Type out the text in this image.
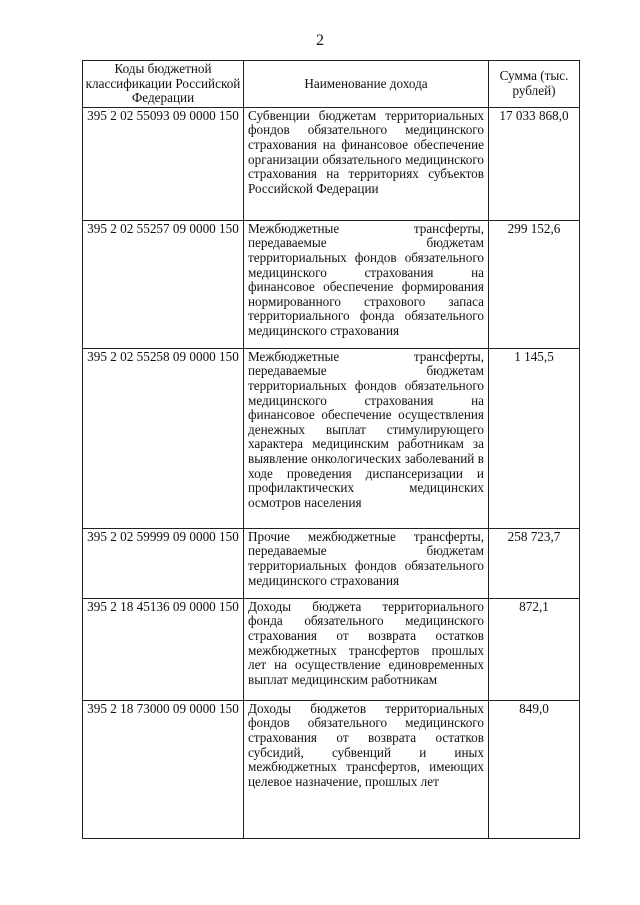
2
Коды бюджетной классификации Российской Федерации	Наименование дохода	Сумма (тыс. рублей)
395 2 02 55093 09 0000 150	Субвенции бюджетам территориальных фондов обязательного медицинского страхования на финансовое обеспечение организации обязательного медицинского страхования на территориях субъектов Российской Федерации	17 033 868,0
395 2 02 55257 09 0000 150	Межбюджетные трансферты, передаваемые бюджетам территориальных фондов обязательного медицинского страхования на финансовое обеспечение формирования нормированного страхового запаса территориального фонда обязательного медицинского страхования	299 152,6
395 2 02 55258 09 0000 150	Межбюджетные трансферты, передаваемые бюджетам территориальных фондов обязательного медицинского страхования на финансовое обеспечение осуществления денежных выплат стимулирующего характера медицинским работникам за выявление онкологических заболеваний в ходе проведения диспансеризации и профилактических медицинских осмотров населения	1 145,5
395 2 02 59999 09 0000 150	Прочие межбюджетные трансферты, передаваемые бюджетам территориальных фондов обязательного медицинского страхования	258 723,7
395 2 18 45136 09 0000 150	Доходы бюджета территориального фонда обязательного медицинского страхования от возврата остатков межбюджетных трансфертов прошлых лет на осуществление единовременных выплат медицинским работникам	872,1
395 2 18 73000 09 0000 150	Доходы бюджетов территориальных фондов обязательного медицинского страхования от возврата остатков субсидий, субвенций и иных межбюджетных трансфертов, имеющих целевое назначение, прошлых лет	849,0
